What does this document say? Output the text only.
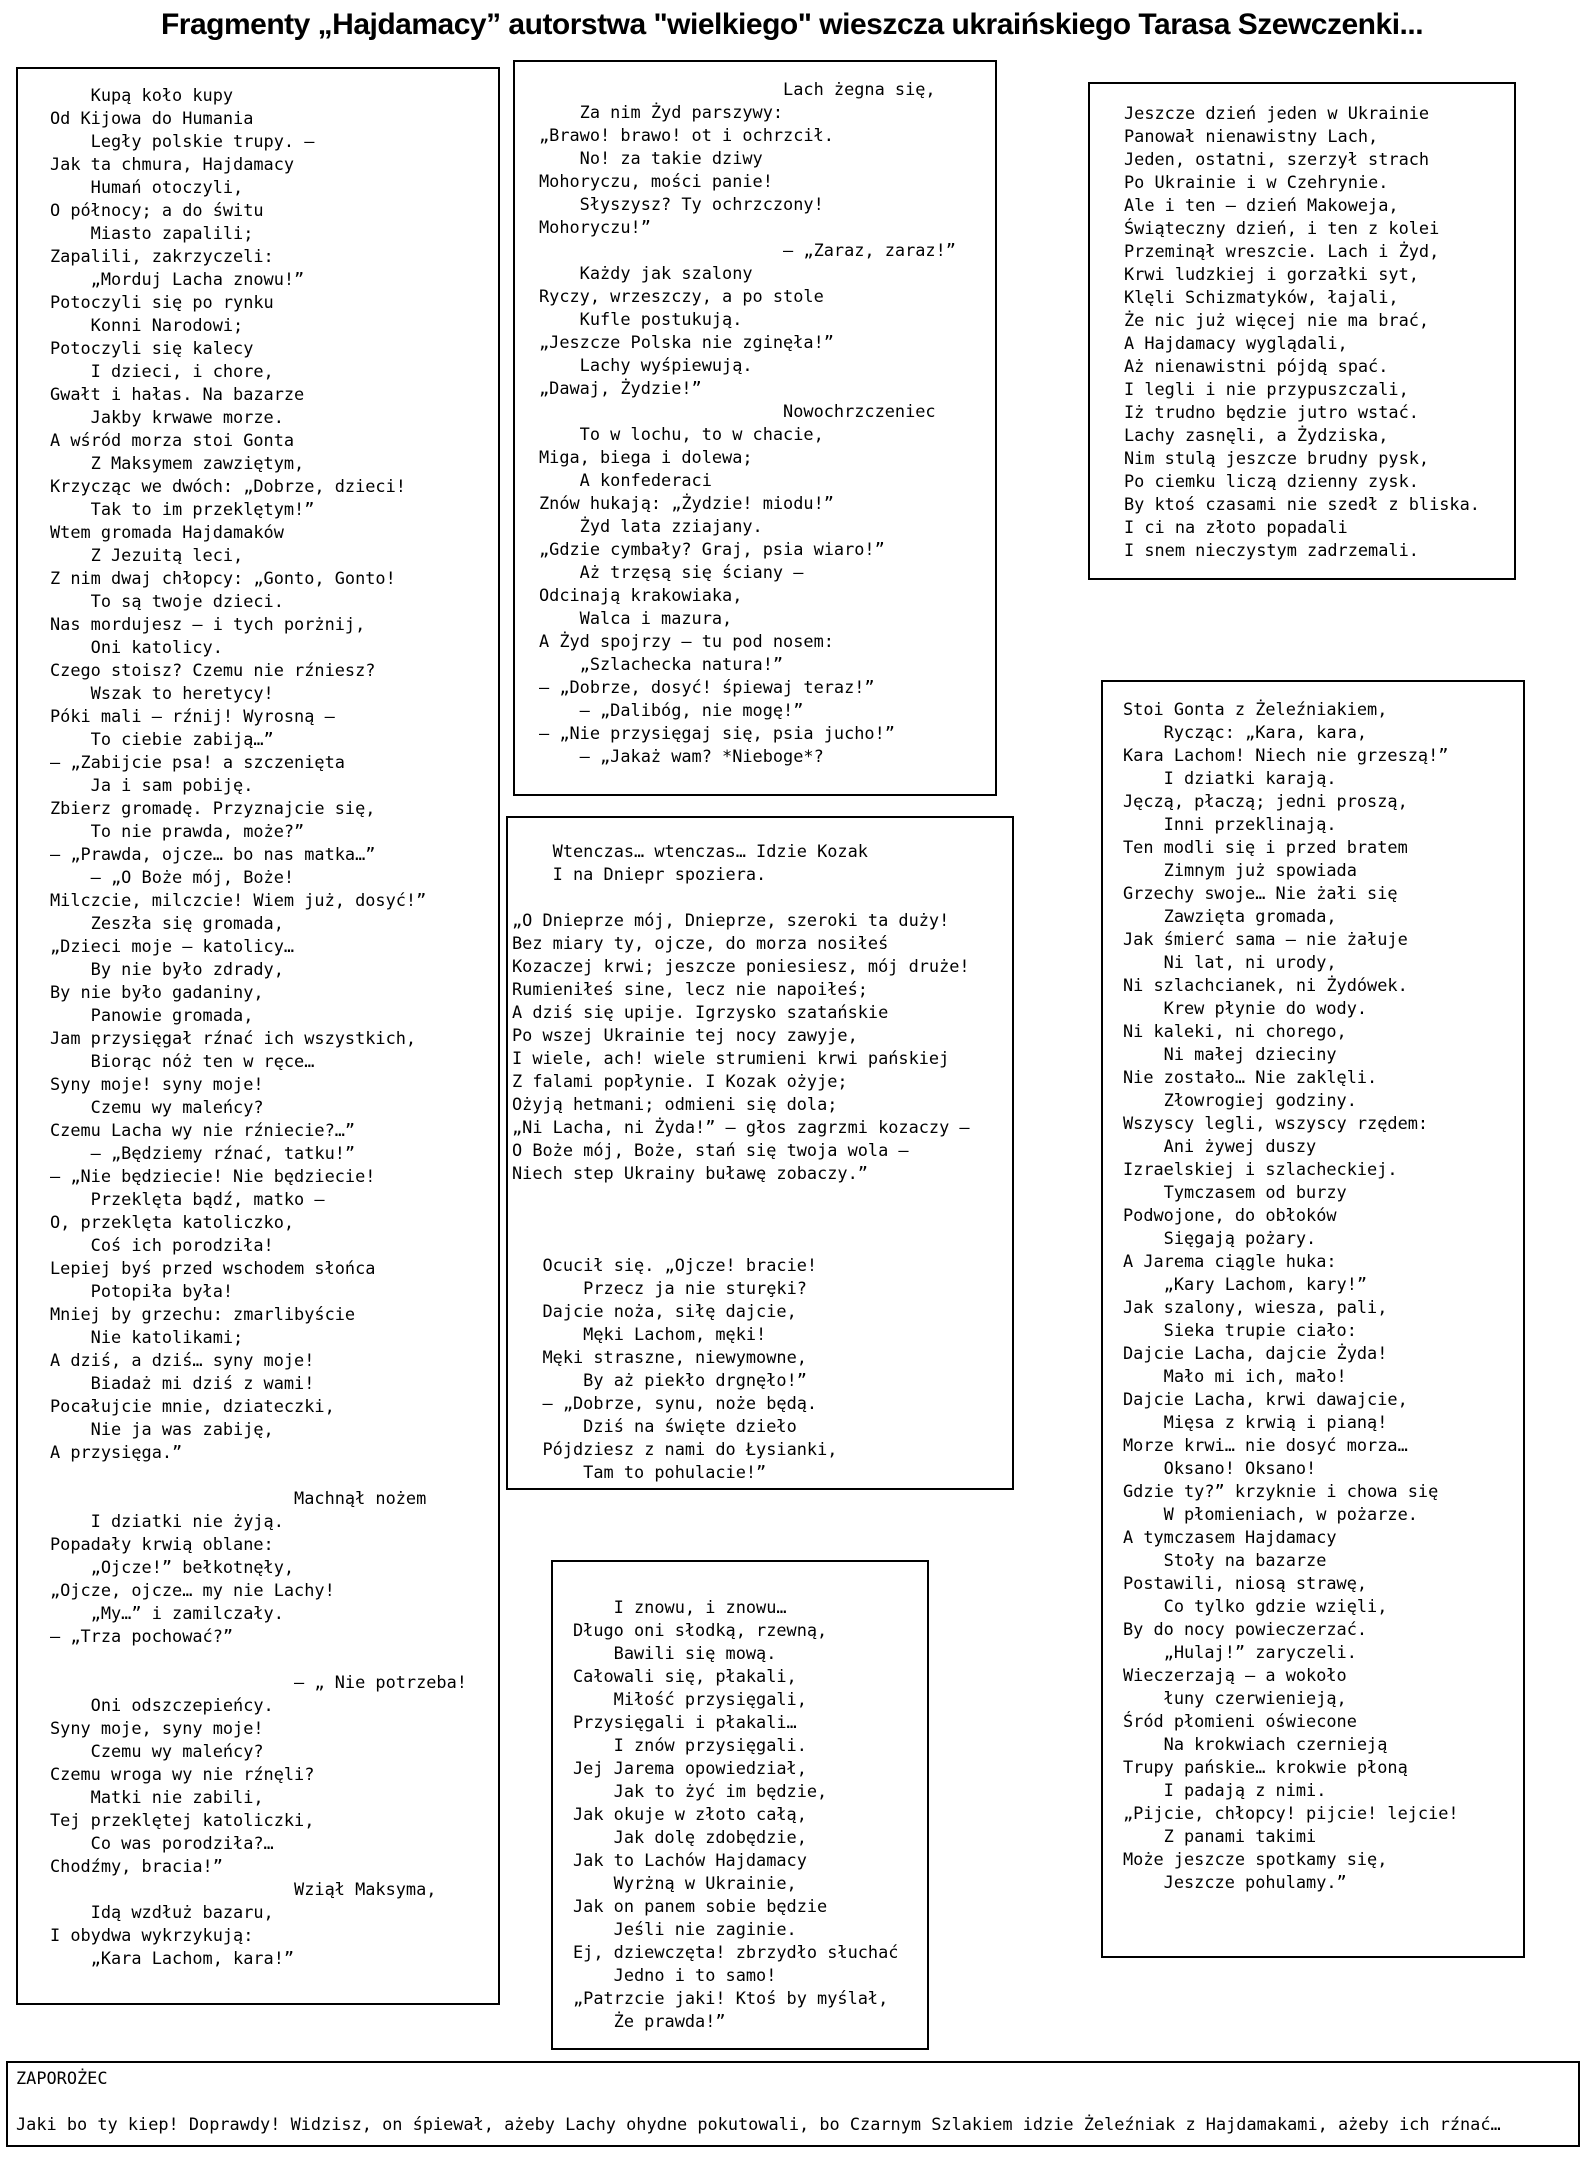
Fragmenty „Hajdamacy” autorstwa "wielkiego" wieszcza ukraińskiego Tarasa Szewczenki...
Kupą koło kupy
Od Kijowa do Humania
Legły polskie trupy. —
Jak ta chmura, Hajdamacy
Humań otoczyli,
O północy; a do świtu
Miasto zapalili;
Zapalili, zakrzyczeli:
„Morduj Lacha znowu!”
Potoczyli się po rynku
Konni Narodowi;
Potoczyli się kalecy
I dzieci, i chore,
Gwałt i hałas. Na bazarze
Jakby krwawe morze.
A wśród morza stoi Gonta
Z Maksymem zawziętym,
Krzycząc we dwóch: „Dobrze, dzieci!
Tak to im przeklętym!”
Wtem gromada Hajdamaków
Z Jezuitą leci,
Z nim dwaj chłopcy: „Gonto, Gonto!
To są twoje dzieci.
Nas mordujesz — i tych porżnij,
Oni katolicy.
Czego stoisz? Czemu nie rźniesz?
Wszak to heretycy!
Póki mali — rźnij! Wyrosną —
To ciebie zabiją…”
— „Zabijcie psa! a szczenięta
Ja i sam pobiję.
Zbierz gromadę. Przyznajcie się,
To nie prawda, może?”
— „Prawda, ojcze… bo nas matka…”
— „O Boże mój, Boże!
Milczcie, milczcie! Wiem już, dosyć!”
Zeszła się gromada,
„Dzieci moje — katolicy…
By nie było zdrady,
By nie było gadaniny,
Panowie gromada,
Jam przysięgał rźnać ich wszystkich,
Biorąc nóż ten w ręce…
Syny moje! syny moje!
Czemu wy maleńcy?
Czemu Lacha wy nie rźniecie?…”
— „Będziemy rźnać, tatku!”
— „Nie będziecie! Nie będziecie!
Przeklęta bądź, matko —
O, przeklęta katoliczko,
Coś ich porodziła!
Lepiej byś przed wschodem słońca
Potopiła była!
Mniej by grzechu: zmarlibyście
Nie katolikami;
A dziś, a dziś… syny moje!
Biadaż mi dziś z wami!
Pocałujcie mnie, dziateczki,
Nie ja was zabiję,
A przysięga.”

Machnął nożem
I dziatki nie żyją.
Popadały krwią oblane:
„Ojcze!” bełkotnęły,
„Ojcze, ojcze… my nie Lachy!
„My…” i zamilczały.
— „Trza pochować?”

— „ Nie potrzeba!
Oni odszczepieńcy.
Syny moje, syny moje!
Czemu wy maleńcy?
Czemu wroga wy nie rźnęli?
Matki nie zabili,
Tej przeklętej katoliczki,
Co was porodziła?…
Chodźmy, bracia!”
Wziął Maksyma,
Idą wzdłuż bazaru,
I obydwa wykrzykują:
„Kara Lachom, kara!”
Lach żegna się,
Za nim Żyd parszywy:
„Brawo! brawo! ot i ochrzcił.
No! za takie dziwy
Mohoryczu, mości panie!
Słyszysz? Ty ochrzczony!
Mohoryczu!”
— „Zaraz, zaraz!”
Każdy jak szalony
Ryczy, wrzeszczy, a po stole
Kufle postukują.
„Jeszcze Polska nie zginęła!”
Lachy wyśpiewują.
„Dawaj, Żydzie!”
Nowochrzczeniec
To w lochu, to w chacie,
Miga, biega i dolewa;
A konfederaci
Znów hukają: „Żydzie! miodu!”
Żyd lata zziajany.
„Gdzie cymbały? Graj, psia wiaro!”
Aż trzęsą się ściany —
Odcinają krakowiaka,
Walca i mazura,
A Żyd spojrzy — tu pod nosem:
„Szlachecka natura!”
— „Dobrze, dosyć! śpiewaj teraz!”
— „Dalibóg, nie mogę!”
— „Nie przysięgaj się, psia jucho!”
— „Jakaż wam? *Nieboge*?
Jeszcze dzień jeden w Ukrainie
Panował nienawistny Lach,
Jeden, ostatni, szerzył strach
Po Ukrainie i w Czehrynie.
Ale i ten — dzień Makoweja,
Świąteczny dzień, i ten z kolei
Przeminął wreszcie. Lach i Żyd,
Krwi ludzkiej i gorzałki syt,
Klęli Schizmatyków, łajali,
Że nic już więcej nie ma brać,
A Hajdamacy wyglądali,
Aż nienawistni pójdą spać.
I legli i nie przypuszczali,
Iż trudno będzie jutro wstać.
Lachy zasnęli, a Żydziska,
Nim stulą jeszcze brudny pysk,
Po ciemku liczą dzienny zysk.
By ktoś czasami nie szedł z bliska.
I ci na złoto popadali
I snem nieczystym zadrzemali.
Wtenczas… wtenczas… Idzie Kozak
I na Dniepr spoziera.

„O Dnieprze mój, Dnieprze, szeroki ta duży!
Bez miary ty, ojcze, do morza nosiłeś
Kozaczej krwi; jeszcze poniesiesz, mój druże!
Rumieniłeś sine, lecz nie napoiłeś;
A dziś się upije. Igrzysko szatańskie
Po wszej Ukrainie tej nocy zawyje,
I wiele, ach! wiele strumieni krwi pańskiej
Z falami popłynie. I Kozak ożyje;
Ożyją hetmani; odmieni się dola;
„Ni Lacha, ni Żyda!” — głos zagrzmi kozaczy —
O Boże mój, Boże, stań się twoja wola —
Niech step Ukrainy buławę zobaczy.”

Ocucił się. „Ojcze! bracie!
Przecz ja nie sturȩki?
Dajcie noża, siłę dajcie,
Męki Lachom, męki!
Męki straszne, niewymowne,
By aż piekło drgnęło!”
— „Dobrze, synu, noże będą.
Dziś na święte dzieło
Pójdziesz z nami do Łysianki,
Tam to pohulacie!”
Stoi Gonta z Żeleźniakiem,
Rycząc: „Kara, kara,
Kara Lachom! Niech nie grzeszą!”
I dziatki karają.
Jęczą, płaczą; jedni proszą,
Inni przeklinają.
Ten modli się i przed bratem
Zimnym już spowiada
Grzechy swoje… Nie żałi się
Zawzięta gromada,
Jak śmierć sama — nie żałuje
Ni lat, ni urody,
Ni szlachcianek, ni Żydówek.
Krew płynie do wody.
Ni kaleki, ni chorego,
Ni małej dzieciny
Nie zostało… Nie zaklęli.
Złowrogiej godziny.
Wszyscy legli, wszyscy rzędem:
Ani żywej duszy
Izraelskiej i szlacheckiej.
Tymczasem od burzy
Podwojone, do obłoków
Sięgają pożary.
A Jarema ciągle huka:
„Kary Lachom, kary!”
Jak szalony, wiesza, pali,
Sieka trupie ciało:
Dajcie Lacha, dajcie Żyda!
Mało mi ich, mało!
Dajcie Lacha, krwi dawajcie,
Mięsa z krwią i pianą!
Morze krwi… nie dosyć morza…
Oksano! Oksano!
Gdzie ty?” krzyknie i chowa się
W płomieniach, w pożarze.
A tymczasem Hajdamacy
Stoły na bazarze
Postawili, niosą strawę,
Co tylko gdzie wzięli,
By do nocy powieczerzać.
„Hulaj!” zaryczeli.
Wieczerzają — a wokoło
łuny czerwienieją,
Śród płomieni oświecone
Na krokwiach czernieją
Trupy pańskie… krokwie płoną
I padają z nimi.
„Pijcie, chłopcy! pijcie! lejcie!
Z panami takimi
Może jeszcze spotkamy się,
Jeszcze pohulamy.”
I znowu, i znowu…
Długo oni słodką, rzewną,
Bawili się mową.
Całowali się, płakali,
Miłość przysięgali,
Przysięgali i płakali…
I znów przysięgali.
Jej Jarema opowiedział,
Jak to żyć im będzie,
Jak okuje w złoto całą,
Jak dolę zdobędzie,
Jak to Lachów Hajdamacy
Wyrżną w Ukrainie,
Jak on panem sobie będzie
Jeśli nie zaginie.
Ej, dziewczęta! zbrzydło słuchać
Jedno i to samo!
„Patrzcie jaki! Ktoś by myślał,
Że prawda!”
ZAPOROŻEC
Jaki bo ty kiep! Doprawdy! Widzisz, on śpiewał, ażeby Lachy ohydne pokutowali, bo Czarnym Szlakiem idzie Żeleźniak z Hajdamakami, ażeby ich rźnać…
